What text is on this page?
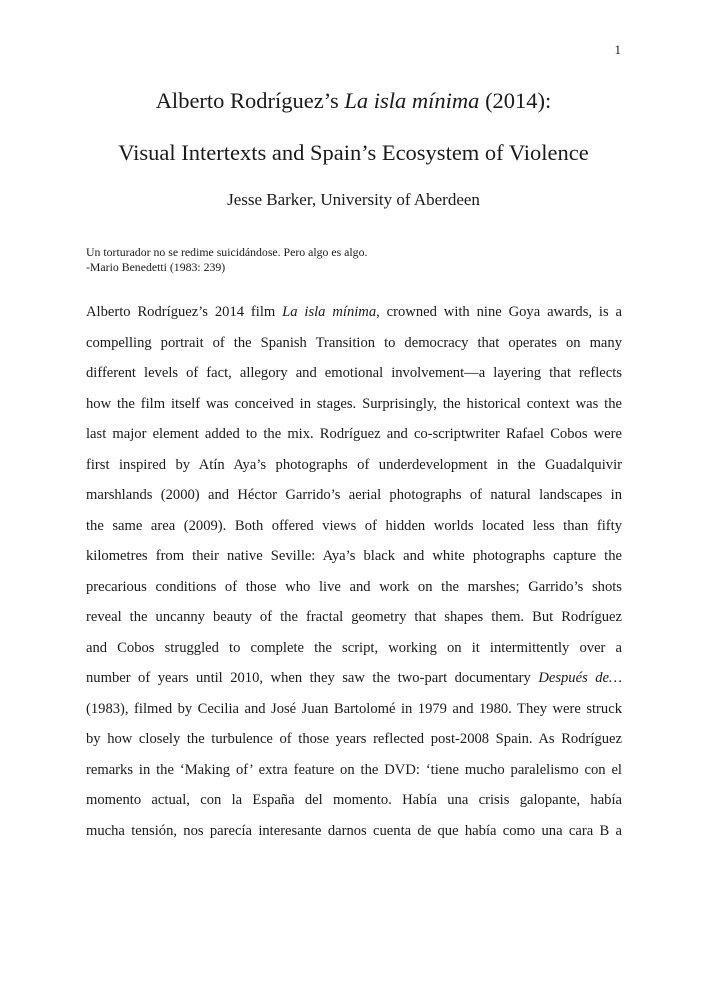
1
Alberto Rodríguez’s La isla mínima (2014):
Visual Intertexts and Spain’s Ecosystem of Violence
Jesse Barker, University of Aberdeen
Un torturador no se redime suicidándose. Pero algo es algo.
-Mario Benedetti (1983: 239)
Alberto Rodríguez’s 2014 film La isla mínima, crowned with nine Goya awards, is a
compelling portrait of the Spanish Transition to democracy that operates on many
different levels of fact, allegory and emotional involvement—a layering that reflects
how the film itself was conceived in stages. Surprisingly, the historical context was the
last major element added to the mix. Rodríguez and co-scriptwriter Rafael Cobos were
first inspired by Atín Aya’s photographs of underdevelopment in the Guadalquivir
marshlands (2000) and Héctor Garrido’s aerial photographs of natural landscapes in
the same area (2009). Both offered views of hidden worlds located less than fifty
kilometres from their native Seville: Aya’s black and white photographs capture the
precarious conditions of those who live and work on the marshes; Garrido’s shots
reveal the uncanny beauty of the fractal geometry that shapes them. But Rodríguez
and Cobos struggled to complete the script, working on it intermittently over a
number of years until 2010, when they saw the two-part documentary Después de…
(1983), filmed by Cecilia and José Juan Bartolomé in 1979 and 1980. They were struck
by how closely the turbulence of those years reflected post-2008 Spain. As Rodríguez
remarks in the ‘Making of’ extra feature on the DVD: ‘tiene mucho paralelismo con el
momento actual, con la España del momento. Había una crisis galopante, había
mucha tensión, nos parecía interesante darnos cuenta de que había como una cara B a
